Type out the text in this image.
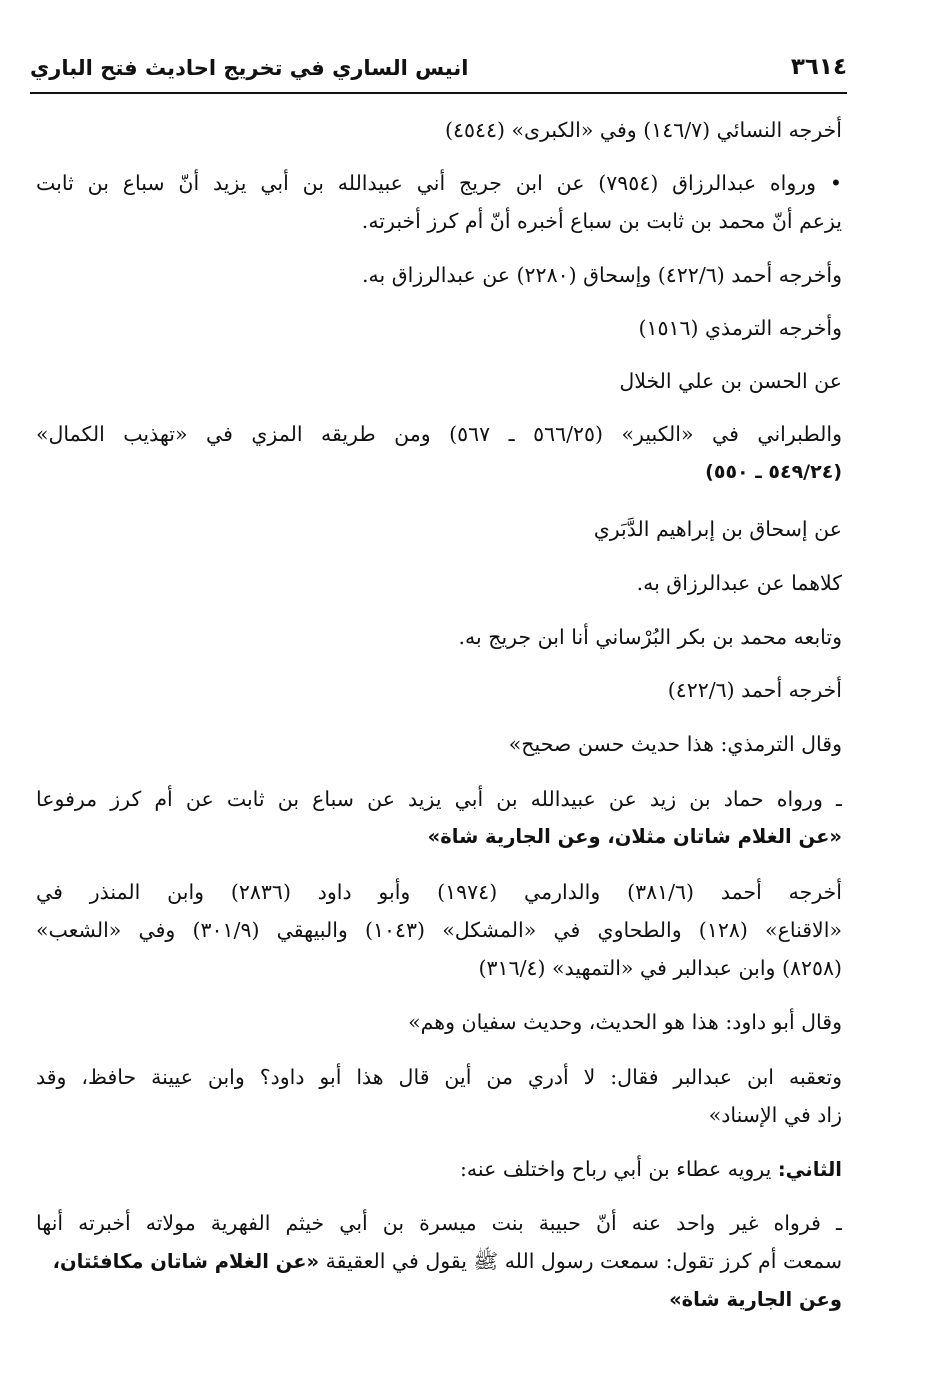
٣٦١٤
انيس الساري في تخريج احاديث فتح الباري
أخرجه النسائي (١٤٦/٧) وفي «الكبرى» (٤٥٤٤)
• ورواه عبدالرزاق (٧٩٥٤) عن ابن جريج أني عبيدالله بن أبي يزيد أنّ سباع بن ثابت
يزعم أنّ محمد بن ثابت بن سباع أخبره أنّ أم كرز أخبرته.
وأخرجه أحمد (٤٢٢/٦) وإسحاق (٢٢٨٠) عن عبدالرزاق به.
وأخرجه الترمذي (١٥١٦)
عن الحسن بن علي الخلال
والطبراني في «الكبير» (٥٦٦/٢٥ ـ ٥٦٧) ومن طريقه المزي في «تهذيب الكمال»
(٥٤٩/٢٤ ـ ٥٥٠)
عن إسحاق بن إبراهيم الدَّبَري
كلاهما عن عبدالرزاق به.
وتابعه محمد بن بكر البُرْساني أنا ابن جريج به.
أخرجه أحمد (٤٢٢/٦)
وقال الترمذي: هذا حديث حسن صحيح»
ـ ورواه حماد بن زيد عن عبيدالله بن أبي يزيد عن سباع بن ثابت عن أم كرز مرفوعا
«عن الغلام شاتان مثلان، وعن الجارية شاة»
أخرجه أحمد (٣٨١/٦) والدارمي (١٩٧٤) وأبو داود (٢٨٣٦) وابن المنذر في
«الاقناع» (١٢٨) والطحاوي في «المشكل» (١٠٤٣) والبيهقي (٣٠١/٩) وفي «الشعب»
(٨٢٥٨) وابن عبدالبر في «التمهيد» (٣١٦/٤)
وقال أبو داود: هذا هو الحديث، وحديث سفيان وهم»
وتعقبه ابن عبدالبر فقال: لا أدري من أين قال هذا أبو داود؟ وابن عيينة حافظ، وقد
زاد في الإسناد»
الثاني: يرويه عطاء بن أبي رباح واختلف عنه:
ـ فرواه غير واحد عنه أنّ حبيبة بنت ميسرة بن أبي خيثم الفهرية مولاته أخبرته أنها
سمعت أم كرز تقول: سمعت رسول الله ﷺ يقول في العقيقة «عن الغلام شاتان مكافئتان،
وعن الجارية شاة»
